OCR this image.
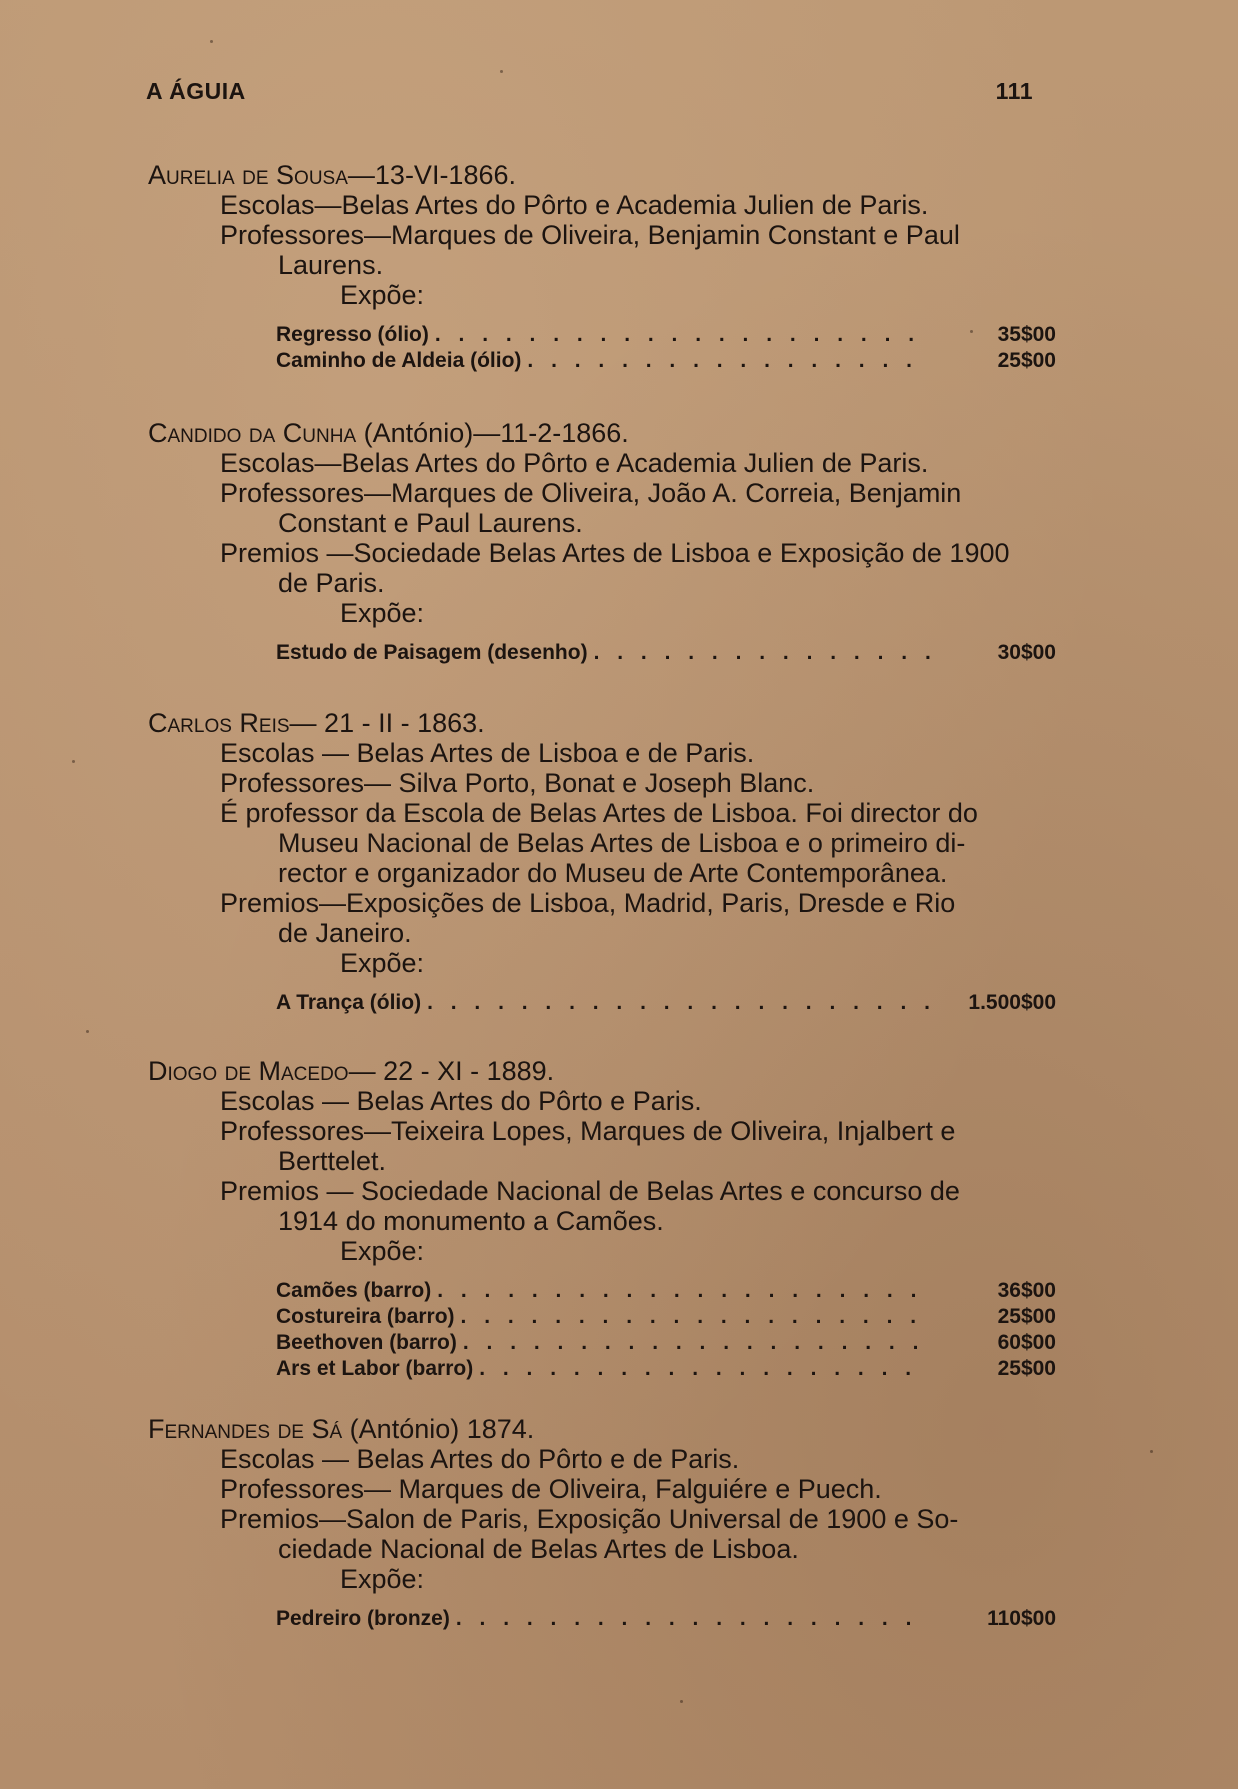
A ÁGUIA	111
Aurelia de Sousa—13-VI-1866.
Escolas—Belas Artes do Pôrto e Academia Julien de Paris.
Professores—Marques de Oliveira, Benjamin Constant e Paul
Laurens.
Expõe:
Regresso (ólio) . . .	35$00
Caminho de Aldeia (ólio) . . .	25$00
Candido da Cunha (António)—11-2-1866.
Escolas—Belas Artes do Pôrto e Academia Julien de Paris.
Professores—Marques de Oliveira, João A. Correia, Benjamin
Constant e Paul Laurens.
Premios —Sociedade Belas Artes de Lisboa e Exposição de 1900
de Paris.
Expõe:
Estudo de Paisagem (desenho) . . .	30$00
Carlos Reis— 21 - II - 1863.
Escolas — Belas Artes de Lisboa e de Paris.
Professores— Silva Porto, Bonat e Joseph Blanc.
É professor da Escola de Belas Artes de Lisboa. Foi director do
Museu Nacional de Belas Artes de Lisboa e o primeiro di-
rector e organizador do Museu de Arte Contemporânea.
Premios—Exposições de Lisboa, Madrid, Paris, Dresde e Rio
de Janeiro.
Expõe:
A Trança (ólio) . . .	1.500$00
Diogo de Macedo— 22 - XI - 1889.
Escolas — Belas Artes do Pôrto e Paris.
Professores—Teixeira Lopes, Marques de Oliveira, Injalbert e
Berttelet.
Premios — Sociedade Nacional de Belas Artes e concurso de
1914 do monumento a Camões.
Expõe:
Camões (barro) . . .	36$00
Costureira (barro) . . .	25$00
Beethoven (barro) . . .	60$00
Ars et Labor (barro) . . .	25$00
Fernandes de Sá (António) 1874.
Escolas — Belas Artes do Pôrto e de Paris.
Professores— Marques de Oliveira, Falguiére e Puech.
Premios—Salon de Paris, Exposição Universal de 1900 e So-
ciedade Nacional de Belas Artes de Lisboa.
Expõe:
Pedreiro (bronze) . . .	110$00
